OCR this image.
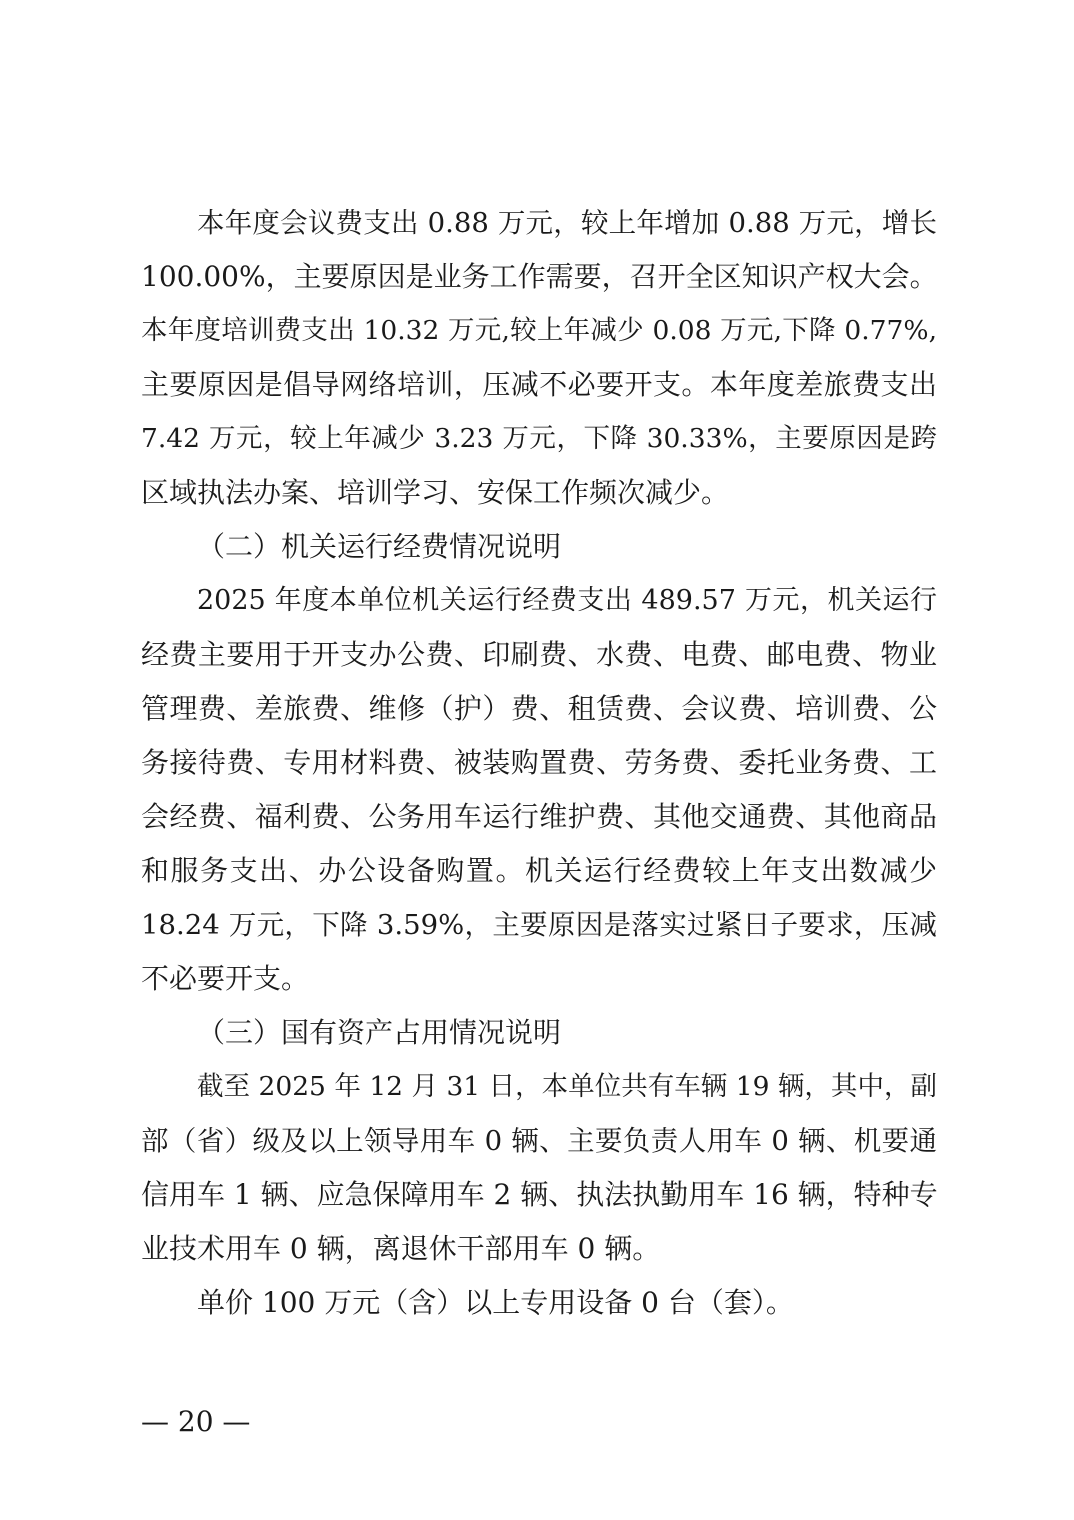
本年度会议费支出 0.88 万元，较上年增加 0.88 万元，增长
100.00%，主要原因是业务工作需要，召开全区知识产权大会。
本年度培训费支出 10.32 万元,较上年减少 0.08 万元,下降 0.77%,
主要原因是倡导网络培训，压减不必要开支。本年度差旅费支出
7.42 万元，较上年减少 3.23 万元，下降 30.33%，主要原因是跨
区域执法办案、培训学习、安保工作频次减少。
（二）机关运行经费情况说明
2025 年度本单位机关运行经费支出 489.57 万元，机关运行
经费主要用于开支办公费、印刷费、水费、电费、邮电费、物业
管理费、差旅费、维修（护）费、租赁费、会议费、培训费、公
务接待费、专用材料费、被装购置费、劳务费、委托业务费、工
会经费、福利费、公务用车运行维护费、其他交通费、其他商品
和服务支出、办公设备购置。机关运行经费较上年支出数减少
18.24 万元，下降 3.59%，主要原因是落实过紧日子要求，压减
不必要开支。
（三）国有资产占用情况说明
截至 2025 年 12 月 31 日，本单位共有车辆 19 辆，其中，副
部（省）级及以上领导用车 0 辆、主要负责人用车 0 辆、机要通
信用车 1 辆、应急保障用车 2 辆、执法执勤用车 16 辆，特种专
业技术用车 0 辆，离退休干部用车 0 辆。
单价 100 万元（含）以上专用设备 0 台（套）。
— 20 —
